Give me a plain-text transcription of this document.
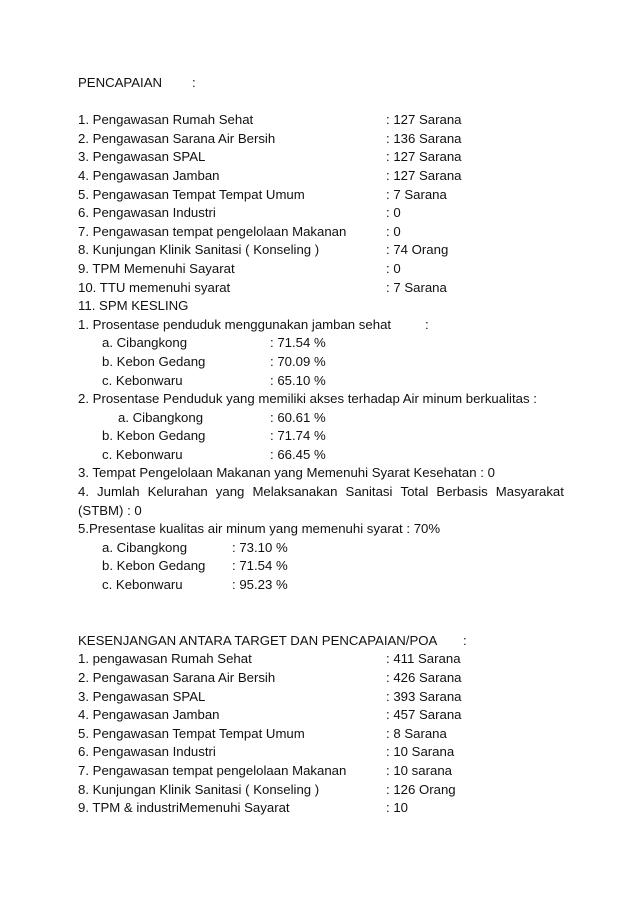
PENCAPAIAN :
1. Pengawasan Rumah Sehat	: 127 Sarana
2. Pengawasan Sarana Air Bersih	: 136 Sarana
3. Pengawasan SPAL	: 127 Sarana
4. Pengawasan Jamban	: 127 Sarana
5. Pengawasan Tempat Tempat Umum	: 7 Sarana
6. Pengawasan Industri	: 0
7. Pengawasan tempat pengelolaan Makanan	: 0
8. Kunjungan Klinik Sanitasi ( Konseling )	: 74 Orang
9. TPM Memenuhi Sayarat	: 0
10. TTU memenuhi syarat	: 7 Sarana
11. SPM KESLING
1. Prosentase penduduk menggunakan jamban sehat	:
a. Cibangkong	: 71.54 %
b. Kebon Gedang	: 70.09 %
c. Kebonwaru	: 65.10 %
2. Prosentase Penduduk yang memiliki akses terhadap Air minum berkualitas :
a. Cibangkong	: 60.61 %
b. Kebon Gedang	: 71.74 %
c. Kebonwaru	: 66.45 %
3. Tempat Pengelolaan Makanan yang Memenuhi Syarat Kesehatan : 0
4. Jumlah Kelurahan yang Melaksanakan Sanitasi Total Berbasis Masyarakat
(STBM) : 0
5.Presentase kualitas air minum yang memenuhi syarat : 70%
a. Cibangkong	: 73.10 %
b. Kebon Gedang : 71.54 %
c. Kebonwaru	: 95.23 %
KESENJANGAN ANTARA TARGET DAN PENCAPAIAN/POA :
1. pengawasan Rumah Sehat	: 411 Sarana
2. Pengawasan Sarana Air Bersih	: 426 Sarana
3. Pengawasan SPAL	: 393 Sarana
4. Pengawasan Jamban	: 457 Sarana
5. Pengawasan Tempat Tempat Umum	: 8 Sarana
6. Pengawasan Industri	: 10 Sarana
7. Pengawasan tempat pengelolaan Makanan	: 10 sarana
8. Kunjungan Klinik Sanitasi ( Konseling )	: 126 Orang
9. TPM & industriMemenuhi Sayarat	: 10
